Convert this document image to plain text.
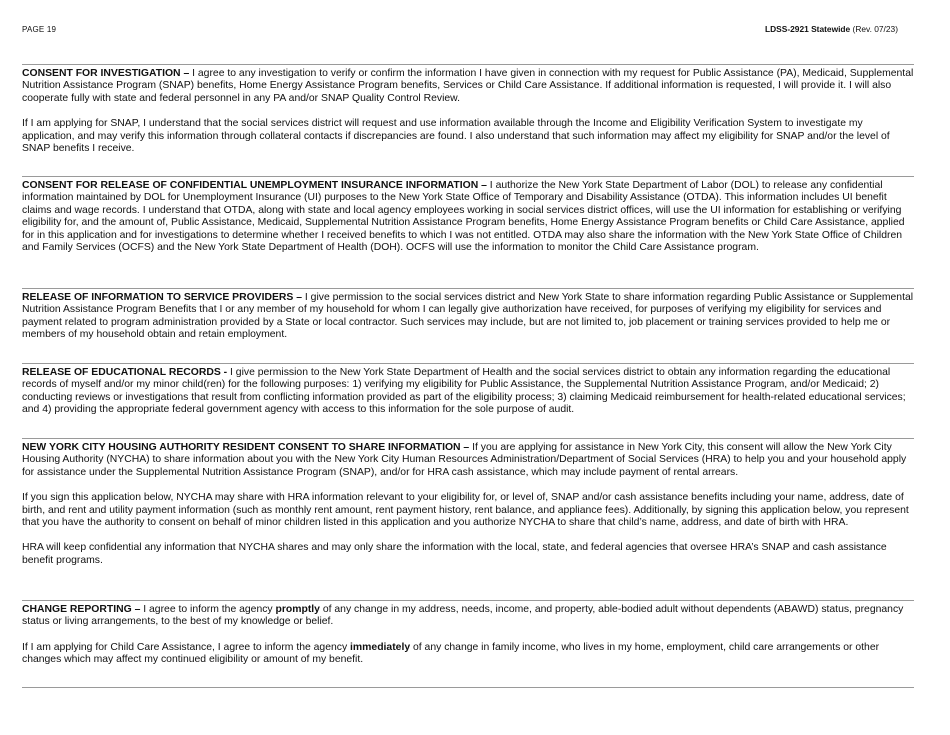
PAGE 19	LDSS-2921 Statewide (Rev. 07/23)

CONSENT FOR INVESTIGATION – I agree to any investigation to verify or confirm the information I have given in connection with my request for Public Assistance (PA), Medicaid, Supplemental Nutrition Assistance Program (SNAP) benefits, Home Energy Assistance Program benefits, Services or Child Care Assistance. If additional information is requested, I will provide it. I will also cooperate fully with state and federal personnel in any PA and/or SNAP Quality Control Review.

If I am applying for SNAP, I understand that the social services district will request and use information available through the Income and Eligibility Verification System to investigate my application, and may verify this information through collateral contacts if discrepancies are found. I also understand that such information may affect my eligibility for SNAP and/or the level of SNAP benefits I receive.

CONSENT FOR RELEASE OF CONFIDENTIAL UNEMPLOYMENT INSURANCE INFORMATION – I authorize the New York State Department of Labor (DOL) to release any confidential information maintained by DOL for Unemployment Insurance (UI) purposes to the New York State Office of Temporary and Disability Assistance (OTDA). This information includes UI benefit claims and wage records. I understand that OTDA, along with state and local agency employees working in social services district offices, will use the UI information for establishing or verifying eligibility for, and the amount of, Public Assistance, Medicaid, Supplemental Nutrition Assistance Program benefits, Home Energy Assistance Program benefits or Child Care Assistance, applied for in this application and for investigations to determine whether I received benefits to which I was not entitled. OTDA may also share the information with the New York State Office of Children and Family Services (OCFS) and the New York State Department of Health (DOH). OCFS will use the information to monitor the Child Care Assistance program.

RELEASE OF INFORMATION TO SERVICE PROVIDERS – I give permission to the social services district and New York State to share information regarding Public Assistance or Supplemental Nutrition Assistance Program Benefits that I or any member of my household for whom I can legally give authorization have received, for purposes of verifying my eligibility for services and payment related to program administration provided by a State or local contractor. Such services may include, but are not limited to, job placement or training services provided to help me or members of my household obtain and retain employment.

RELEASE OF EDUCATIONAL RECORDS - I give permission to the New York State Department of Health and the social services district to obtain any information regarding the educational records of myself and/or my minor child(ren) for the following purposes: 1) verifying my eligibility for Public Assistance, the Supplemental Nutrition Assistance Program, and/or Medicaid; 2) conducting reviews or investigations that result from conflicting information provided as part of the eligibility process; 3) claiming Medicaid reimbursement for health-related educational services; and 4) providing the appropriate federal government agency with access to this information for the sole purpose of audit.

NEW YORK CITY HOUSING AUTHORITY RESIDENT CONSENT TO SHARE INFORMATION – If you are applying for assistance in New York City, this consent will allow the New York City Housing Authority (NYCHA) to share information about you with the New York City Human Resources Administration/Department of Social Services (HRA) to help you and your household apply for assistance under the Supplemental Nutrition Assistance Program (SNAP), and/or for HRA cash assistance, which may include payment of rental arrears.

If you sign this application below, NYCHA may share with HRA information relevant to your eligibility for, or level of, SNAP and/or cash assistance benefits including your name, address, date of birth, and rent and utility payment information (such as monthly rent amount, rent payment history, rent balance, and appliance fees). Additionally, by signing this application below, you represent that you have the authority to consent on behalf of minor children listed in this application and you authorize NYCHA to share that child’s name, address, and date of birth with HRA.

HRA will keep confidential any information that NYCHA shares and may only share the information with the local, state, and federal agencies that oversee HRA’s SNAP and cash assistance benefit programs.

CHANGE REPORTING – I agree to inform the agency promptly of any change in my address, needs, income, and property, able-bodied adult without dependents (ABAWD) status, pregnancy status or living arrangements, to the best of my knowledge or belief.

If I am applying for Child Care Assistance, I agree to inform the agency immediately of any change in family income, who lives in my home, employment, child care arrangements or other changes which may affect my continued eligibility or amount of my benefit.
